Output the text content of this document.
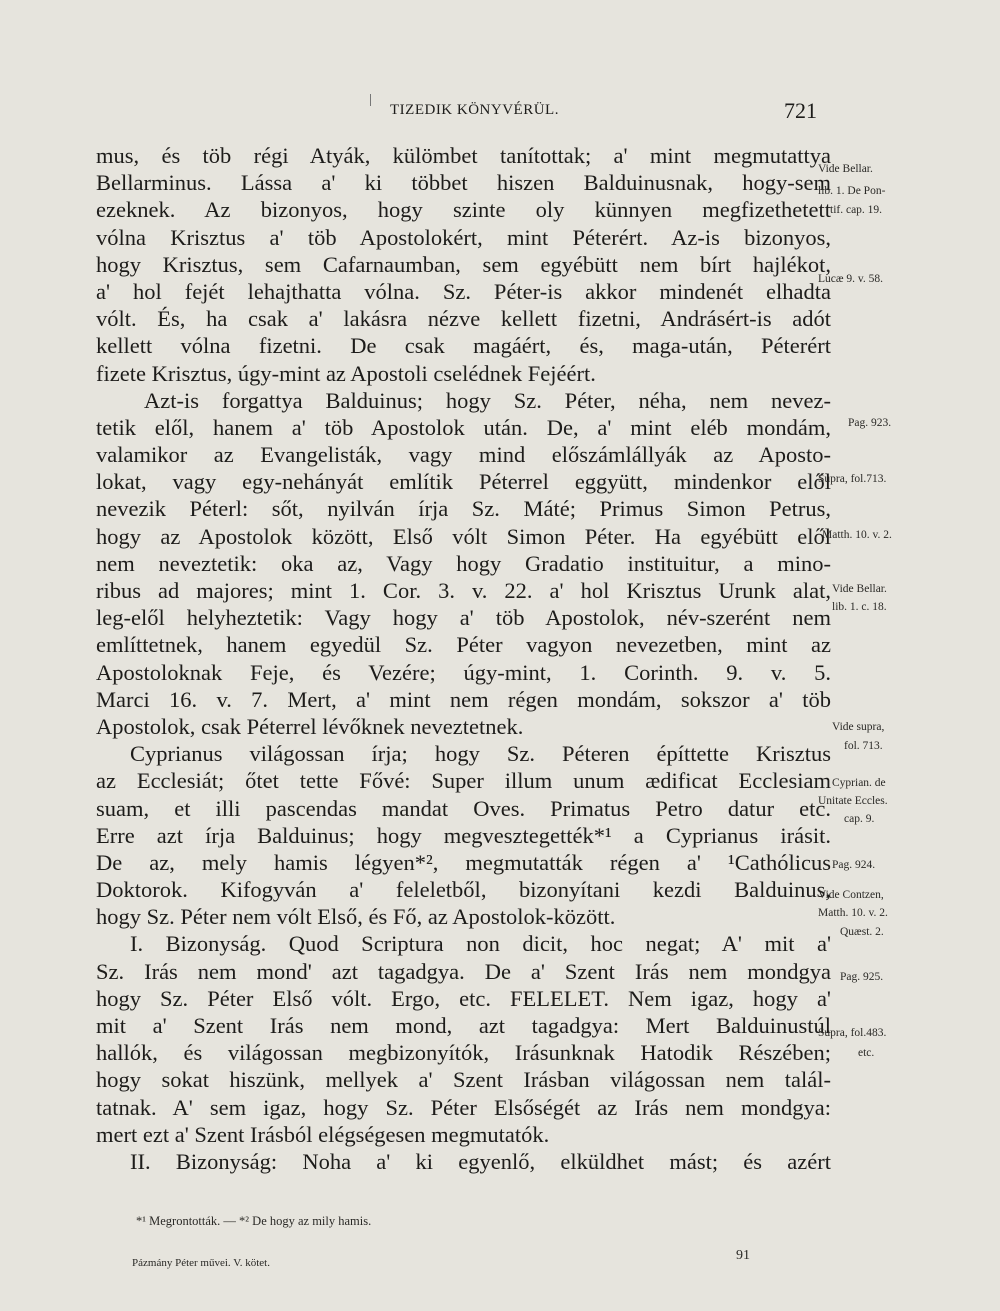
TIZEDIK KÖNYVÉRÜL.	721
mus, és töb régi Atyák, külömbet tanítottak; a' mint megmutattya
Bellarminus. Lássa a' ki többet hiszen Balduinusnak, hogy-sem
ezeknek. Az bizonyos, hogy szinte oly künnyen megfizethetett
vólna Krisztus a' töb Apostolokért, mint Péterért. Az-is bizonyos,
hogy Krisztus, sem Cafarnaumban, sem egyébütt nem bírt hajlékot,
a' hol fejét lehajthatta vólna. Sz. Péter-is akkor mindenét elhadta
vólt. És, ha csak a' lakásra nézve kellett fizetni, Andrásért-is adót
kellett vólna fizetni. De csak magáért, és, maga-után, Péterért
fizete Krisztus, úgy-mint az Apostoli cselédnek Fejéért.
Azt-is forgattya Balduinus; hogy Sz. Péter, néha, nem nevez-
tetik elől, hanem a' töb Apostolok után. De, a' mint eléb mondám,
valamikor az Evangelisták, vagy mind előszámlállyák az Aposto-
lokat, vagy egy-nehányát említik Péterrel eggyütt, mindenkor elől
nevezik Péterl: sőt, nyilván írja Sz. Máté; Primus Simon Petrus,
hogy az Apostolok között, Első vólt Simon Péter. Ha egyébütt elől
nem neveztetik: oka az, Vagy hogy Gradatio instituitur, a mino-
ribus ad majores; mint 1. Cor. 3. v. 22. a' hol Krisztus Urunk alat,
leg-elől helyheztetik: Vagy hogy a' töb Apostolok, név-szerént nem
említtetnek, hanem egyedül Sz. Péter vagyon nevezetben, mint az
Apostoloknak Feje, és Vezére; úgy-mint, 1. Corinth. 9. v. 5.
Marci 16. v. 7. Mert, a' mint nem régen mondám, sokszor a' töb
Apostolok, csak Péterrel lévőknek neveztetnek.
Cyprianus világossan írja; hogy Sz. Péteren építtette Krisztus
az Ecclesiát; őtet tette Fővé: Super illum unum ædificat Ecclesiam
suam, et illi pascendas mandat Oves. Primatus Petro datur etc.
Erre azt írja Balduinus; hogy megvesztegették*¹ a Cyprianus irásit.
De az, mely hamis légyen*², megmutatták régen a' ¹Cathólicus
Doktorok. Kifogyván a' feleletből, bizonyítani kezdi Balduinus,
hogy Sz. Péter nem vólt Első, és Fő, az Apostolok-között.
I. Bizonyság. Quod Scriptura non dicit, hoc negat; A' mit a'
Sz. Irás nem mond' azt tagadgya. De a' Szent Irás nem mondgya
hogy Sz. Péter Első vólt. Ergo, etc. FELELET. Nem igaz, hogy a'
mit a' Szent Irás nem mond, azt tagadgya: Mert Balduinustúl
hallók, és világossan megbizonyítók, Irásunknak Hatodik Részében;
hogy sokat hiszünk, mellyek a' Szent Irásban világossan nem talál-
tatnak. A' sem igaz, hogy Sz. Péter Elsőségét az Irás nem mondgya:
mert ezt a' Szent Irásból elégségesen megmutatók.
II. Bizonyság: Noha a' ki egyenlő, elküldhet mást; és azért
Vide Bellar.
lib. 1. De Pon-
tif. cap. 19.
Lucæ 9. v. 58.
Pag. 923.
Supra, fol.713.
Matth. 10. v. 2.
Vide Bellar.
lib. 1. c. 18.
Vide supra,
fol. 713.
Cyprian. de
Unitate Eccles.
cap. 9.
Pag. 924.
Vide Contzen,
Matth. 10. v. 2.
Quæst. 2.
Pag. 925.
Supra, fol.483.
etc.
*¹ Megrontották. — *² De hogy az mily hamis.
Pázmány Péter művei. V. kötet.	91
